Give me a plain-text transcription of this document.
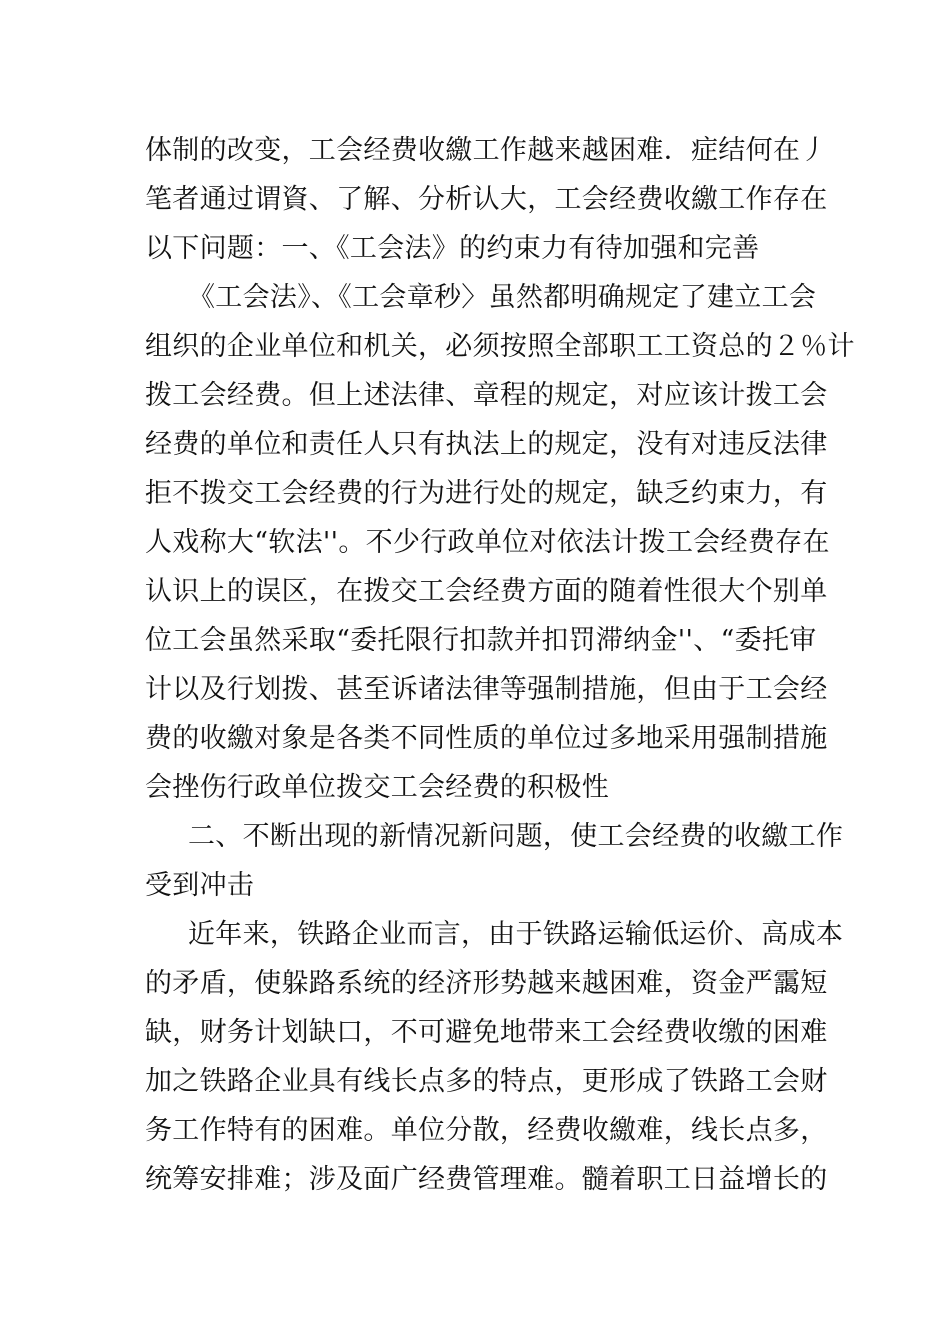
体制的改变，工会经费收繳工作越来越困难．症结何在丿
笔者通过谓資、了解、分析认大，工会经费收繳工作存在
以下问题：一、《工会法》的约束力有待加强和完善
《工会法》、《工会章秒〉虽然都明确规定了建立工会
组织的企业单位和机关，必须按照全部职工工资总的２％计
拨工会经费。但上述法律、章程的规定，对应该计拨工会
经费的单位和责任人只有执法上的规定，没有对违反法律
拒不拨交工会经费的行为进行处的规定，缺乏约束力，有
人戏称大“软法''。不少行政单位对依法计拨工会经费存在
认识上的误区，在拨交工会经费方面的随着性很大个别单
位工会虽然采取“委托限行扣款并扣罚滞纳金''、“委托审
计以及行划拨、甚至诉诸法律等强制措施，但由于工会经
费的收繳对象是各类不同性质的单位过多地采用强制措施
会挫伤行政单位拨交工会经费的积极性
二、不断出现的新情况新问题，使工会经费的收繳工作
受到冲击
近年来，铁路企业而言，由于铁路运输低运价、高成本
的矛盾，使躲路系统的经济形势越来越困难，资金严靄短
缺，财务计划缺口，不可避免地带来工会经费收缴的困难
加之铁路企业具有线长点多的特点，更形成了铁路工会财
务工作特有的困难。单位分散，经费收繳难，线长点多，
统筹安排难；涉及面广经费管理难。髓着职工日益增长的
